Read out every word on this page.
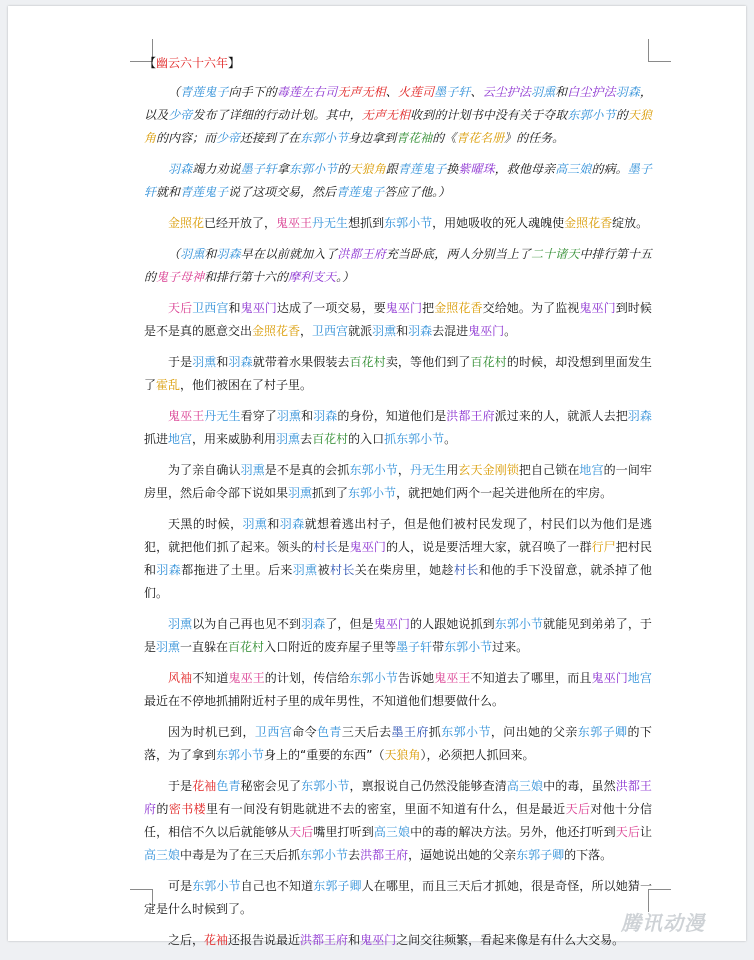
【幽云六十六年】

（青莲鬼子向手下的毒莲左右司无声无相、火莲司墨子轩、云尘护法羽熏和白尘护法羽森，以及少帝发布了详细的行动计划。其中，无声无相收到的计划书中没有关于夺取东郭小节的天狼角的内容；而少帝还接到了在东郭小节身边拿到青花袖的《青花名册》的任务。

羽森竭力劝说墨子轩拿东郭小节的天狼角跟青莲鬼子换紫曜珠，救他母亲高三娘的病。墨子轩就和青莲鬼子说了这项交易，然后青莲鬼子答应了他。）

金照花已经开放了，鬼巫王丹无生想抓到东郭小节，用她吸收的死人魂魄使金照花香绽放。

（羽熏和羽森早在以前就加入了洪都王府充当卧底，两人分别当上了二十诸天中排行第十五的鬼子母神和排行第十六的摩利支天。）

天后卫西宫和鬼巫门达成了一项交易，要鬼巫门把金照花香交给她。为了监视鬼巫门到时候是不是真的愿意交出金照花香，卫西宫就派羽熏和羽森去混进鬼巫门。

于是羽熏和羽森就带着水果假装去百花村卖，等他们到了百花村的时候，却没想到里面发生了霍乱，他们被困在了村子里。

鬼巫王丹无生看穿了羽熏和羽森的身份，知道他们是洪都王府派过来的人，就派人去把羽森抓进地宫，用来威胁利用羽熏去百花村的入口抓东郭小节。

为了亲自确认羽熏是不是真的会抓东郭小节，丹无生用玄天金刚锁把自己锁在地宫的一间牢房里，然后命令部下说如果羽熏抓到了东郭小节，就把她们两个一起关进他所在的牢房。

天黑的时候，羽熏和羽森就想着逃出村子，但是他们被村民发现了，村民们以为他们是逃犯，就把他们抓了起来。领头的村长是鬼巫门的人，说是要活埋大家，就召唤了一群行尸把村民和羽森都拖进了土里。后来羽熏被村长关在柴房里，她趁村长和他的手下没留意，就杀掉了他们。

羽熏以为自己再也见不到羽森了，但是鬼巫门的人跟她说抓到东郭小节就能见到弟弟了，于是羽熏一直躲在百花村入口附近的废弃屋子里等墨子轩带东郭小节过来。

风袖不知道鬼巫王的计划，传信给东郭小节告诉她鬼巫王不知道去了哪里，而且鬼巫门地宫最近在不停地抓捕附近村子里的成年男性，不知道他们想要做什么。

因为时机已到，卫西宫命令色青三天后去墨王府抓东郭小节，问出她的父亲东郭子卿的下落，为了拿到东郭小节身上的“重要的东西”（天狼角），必须把人抓回来。

于是花袖色青秘密会见了东郭小节，禀报说自己仍然没能够查清高三娘中的毒，虽然洪都王府的密书楼里有一间没有钥匙就进不去的密室，里面不知道有什么，但是最近天后对他十分信任，相信不久以后就能够从天后嘴里打听到高三娘中的毒的解决方法。另外，他还打听到天后让高三娘中毒是为了在三天后抓东郭小节去洪都王府，逼她说出她的父亲东郭子卿的下落。

可是东郭小节自己也不知道东郭子卿人在哪里，而且三天后才抓她，很是奇怪，所以她猜一定是什么时候到了。

之后，花袖还报告说最近洪都王府和鬼巫门之间交往频繁，看起来像是有什么大交易。

腾讯动漫
